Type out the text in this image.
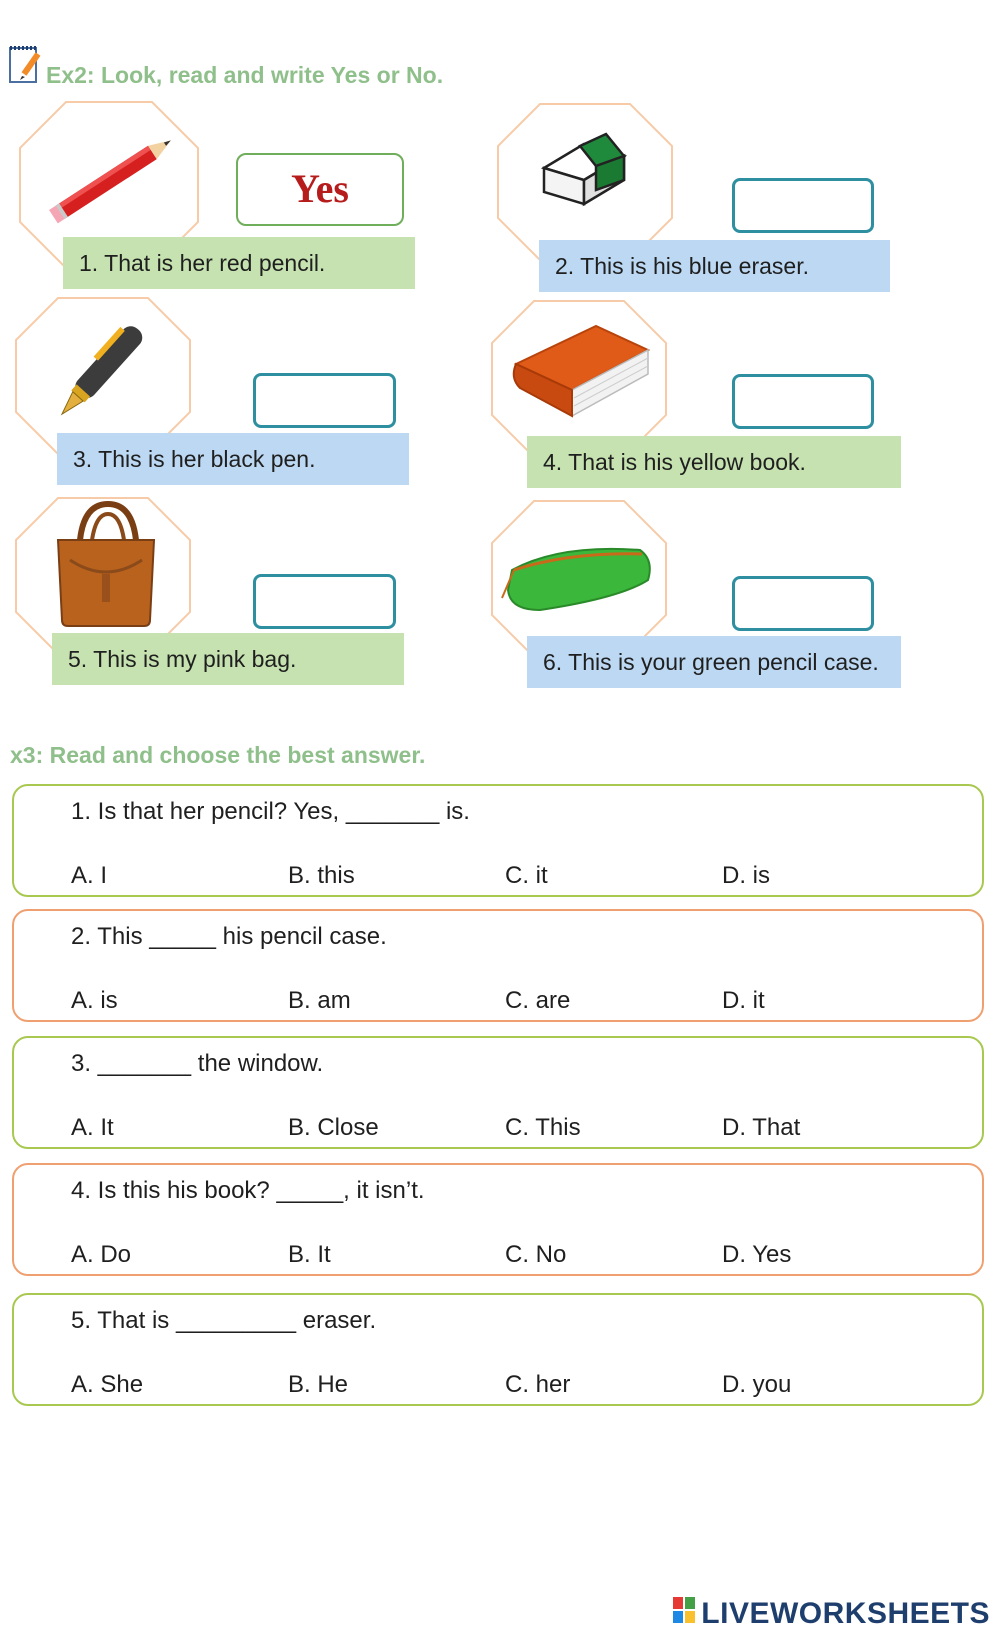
Ex2: Look, read and write Yes or No.
Yes
1. That is her red pencil.	2. This is his blue eraser.
3. This is her black pen.	4. That is his yellow book.
5. This is my pink bag.	6. This is your green pencil case.
x3: Read and choose the best answer.
1. Is that her pencil? Yes, _______ is.
A. I	B. this	C. it	D. is
2. This _____ his pencil case.
A. is	B. am	C. are	D. it
3. _______ the window.
A. It	B. Close	C. This	D. That
4. Is this his book? _____, it isn’t.
A. Do	B. It	C. No	D. Yes
5. That is _________ eraser.
A. She	B. He	C. her	D. you
LIVEWORKSHEETS
